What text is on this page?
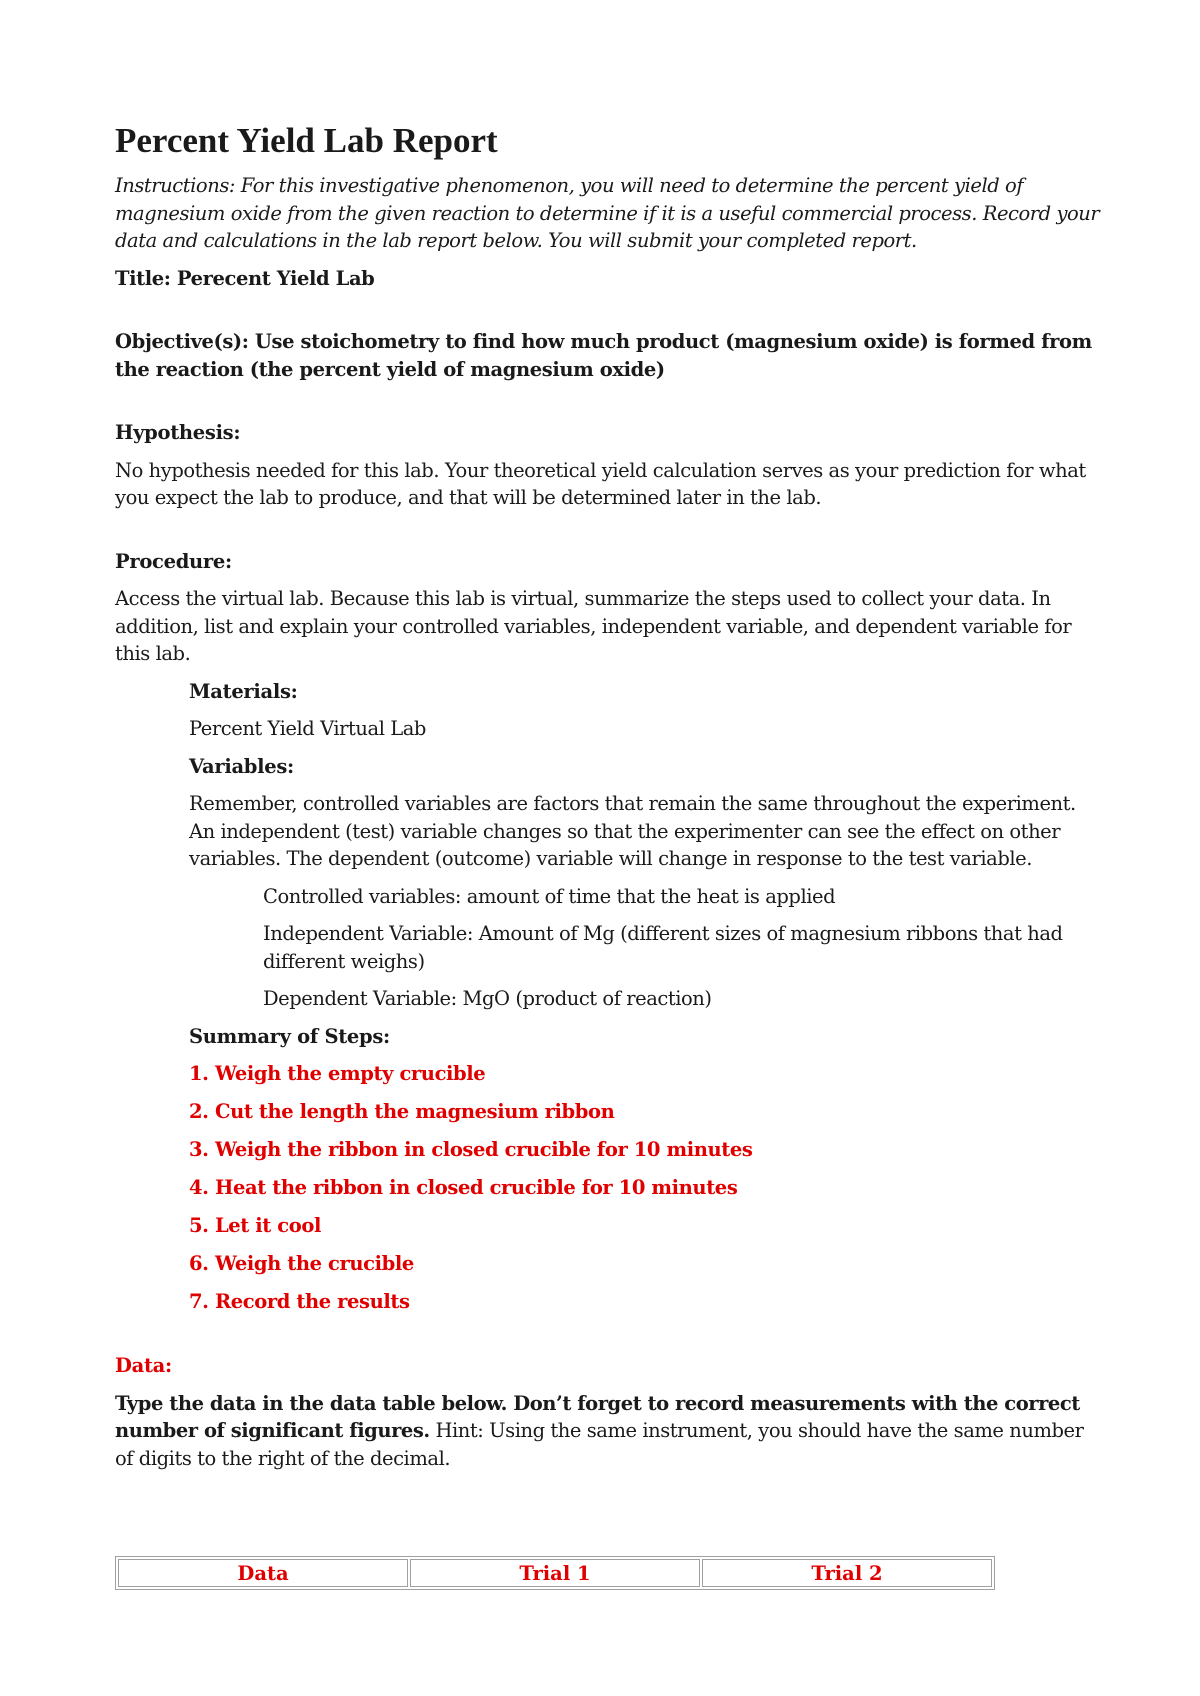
Percent Yield Lab Report

Instructions: For this investigative phenomenon, you will need to determine the percent yield of magnesium oxide from the given reaction to determine if it is a useful commercial process. Record your data and calculations in the lab report below. You will submit your completed report.

Title: Perecent Yield Lab

Objective(s): Use stoichometry to find how much product (magnesium oxide) is formed from the reaction (the percent yield of magnesium oxide)

Hypothesis:

No hypothesis needed for this lab. Your theoretical yield calculation serves as your prediction for what you expect the lab to produce, and that will be determined later in the lab.

Procedure:

Access the virtual lab. Because this lab is virtual, summarize the steps used to collect your data. In addition, list and explain your controlled variables, independent variable, and dependent variable for this lab.

Materials:

Percent Yield Virtual Lab

Variables:

Remember, controlled variables are factors that remain the same throughout the experiment. An independent (test) variable changes so that the experimenter can see the effect on other variables. The dependent (outcome) variable will change in response to the test variable.

Controlled variables: amount of time that the heat is applied

Independent Variable: Amount of Mg (different sizes of magnesium ribbons that had different weighs)

Dependent Variable: MgO (product of reaction)

Summary of Steps:

1. Weigh the empty crucible

2. Cut the length the magnesium ribbon

3. Weigh the ribbon in closed crucible for 10 minutes

4. Heat the ribbon in closed crucible for 10 minutes

5. Let it cool

6. Weigh the crucible

7. Record the results

Data:

Type the data in the data table below. Don’t forget to record measurements with the correct number of significant figures. Hint: Using the same instrument, you should have the same number of digits to the right of the decimal.

Data	Trial 1	Trial 2
